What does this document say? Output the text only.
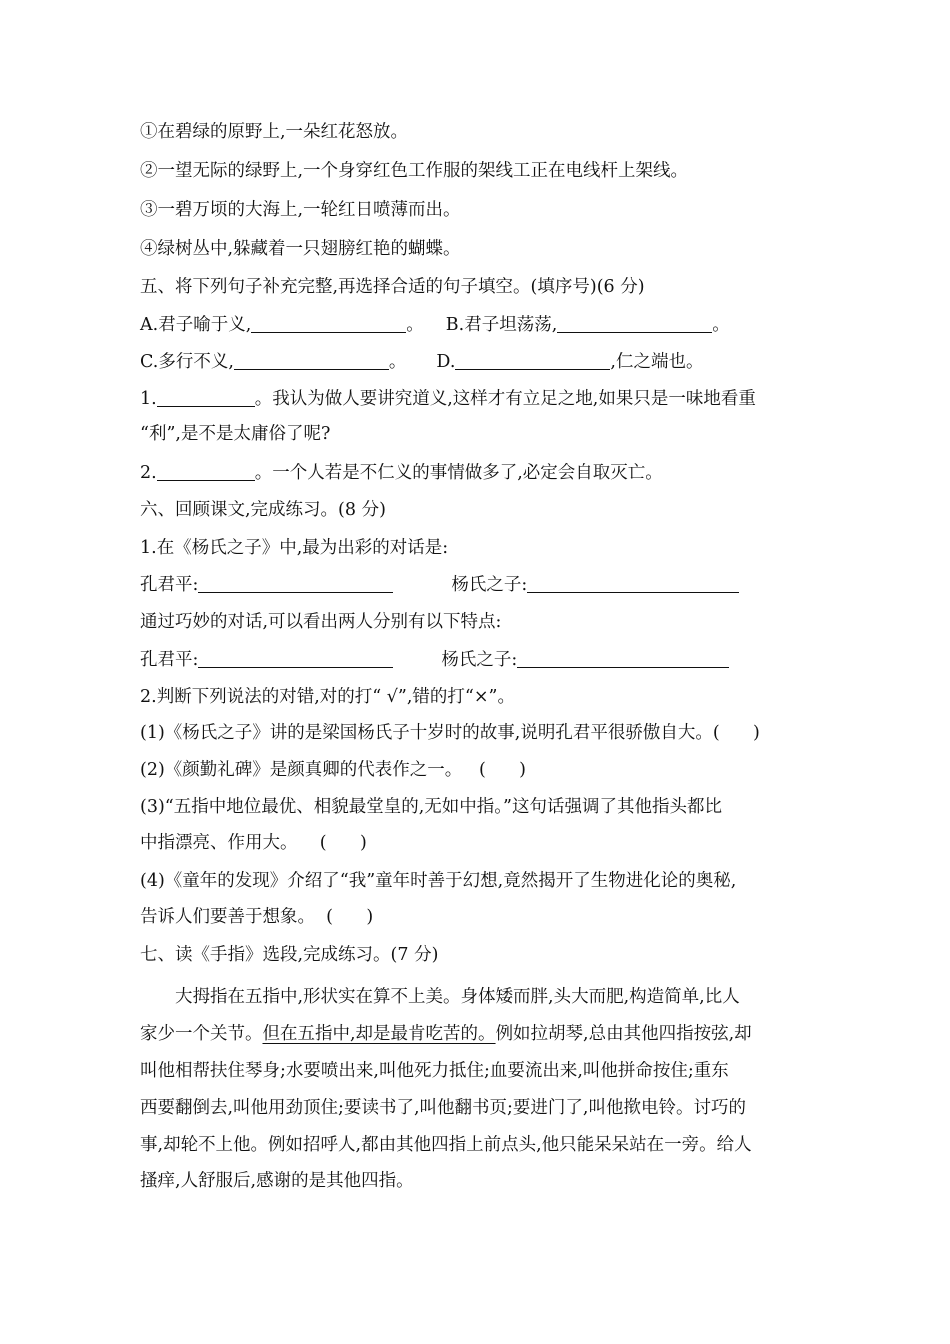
①在碧绿的原野上,一朵红花怒放。
②一望无际的绿野上,一个身穿红色工作服的架线工正在电线杆上架线。
③一碧万顷的大海上,一轮红日喷薄而出。
④绿树丛中,躲藏着一只翅膀红艳的蝴蝶。
五、将下列句子补充完整,再选择合适的句子填空。(填序号)(6 分)
A.君子喻于义,	。 B.君子坦荡荡,	。
C.多行不义,	。 D.	,仁之端也。
1.	。我认为做人要讲究道义,这样才有立足之地,如果只是一味地看重
“利”,是不是太庸俗了呢?
2.	。一个人若是不仁义的事情做多了,必定会自取灭亡。
六、回顾课文,完成练习。(8 分)
1.在《杨氏之子》中,最为出彩的对话是:
孔君平:	杨氏之子:
通过巧妙的对话,可以看出两人分别有以下特点:
孔君平:	杨氏之子:
2.判断下列说法的对错,对的打“ √”,错的打“×”。
(1)《杨氏之子》讲的是梁国杨氏子十岁时的故事,说明孔君平很骄傲自大。(      )
(2)《颜勤礼碑》是颜真卿的代表作之一。   (      )
(3)“五指中地位最优、相貌最堂皇的,无如中指。”这句话强调了其他指头都比
中指漂亮、作用大。    (      )
(4)《童年的发现》介绍了“我”童年时善于幻想,竟然揭开了生物进化论的奥秘,
告诉人们要善于想象。  (      )
七、读《手指》选段,完成练习。(7 分)
大拇指在五指中,形状实在算不上美。身体矮而胖,头大而肥,构造简单,比人
家少一个关节。但在五指中,却是最肯吃苦的。例如拉胡琴,总由其他四指按弦,却
叫他相帮扶住琴身;水要喷出来,叫他死力抵住;血要流出来,叫他拼命按住;重东
西要翻倒去,叫他用劲顶住;要读书了,叫他翻书页;要进门了,叫他揿电铃。讨巧的
事,却轮不上他。例如招呼人,都由其他四指上前点头,他只能呆呆站在一旁。给人
搔痒,人舒服后,感谢的是其他四指。
